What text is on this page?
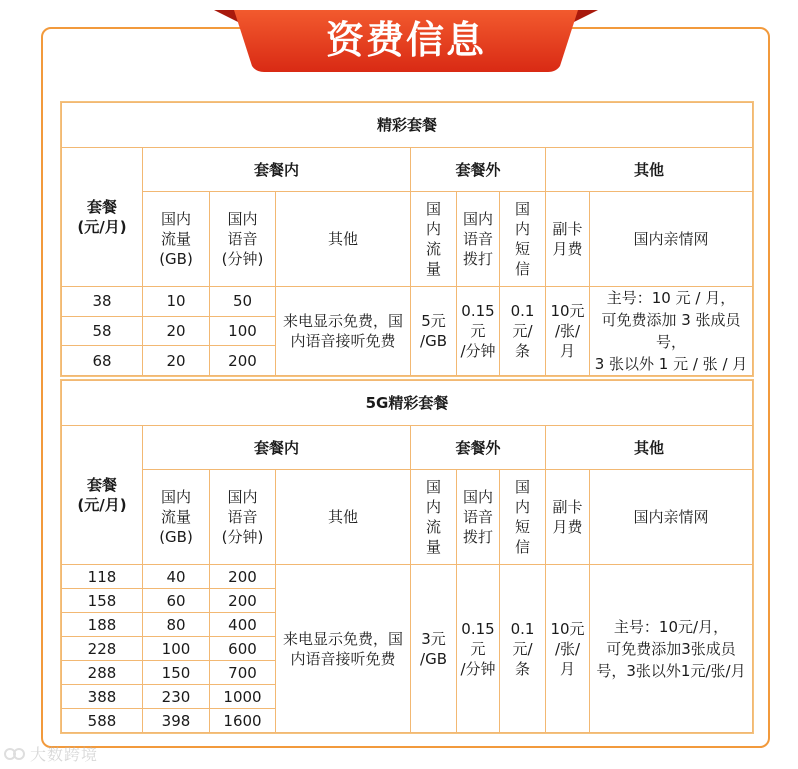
资费信息
精彩套餐								
套餐
(元/月)	套餐内			套餐外			其他	
	国内
流量
(GB)	国内
语音
(分钟)	其他	国
内
流
量	国内
语音
拨打	国
内
短
信	副卡
月费	国内亲情网
38	10	50	来电显示免费，国
内语音接听免费	5元
/GB	0.15
元
/分钟	0.1
元/
条	10元
/张/
月	主号：10 元 / 月，
可免费添加 3 张成员号，
3 张以外 1 元 / 张 / 月
58	20	100						
68	20	200						
5G精彩套餐								
套餐
(元/月)	套餐内			套餐外			其他	
	国内
流量
(GB)	国内
语音
(分钟)	其他	国
内
流
量	国内
语音
拨打	国
内
短
信	副卡
月费	国内亲情网
118	40	200	来电显示免费，国
内语音接听免费	3元
/GB	0.15
元
/分钟	0.1
元/
条	10元
/张/
月	主号：10元/月，
可免费添加3张成员
号，3张以外1元/张/月
158	60	200						
188	80	400						
228	100	600						
288	150	700						
388	230	1000						
588	398	1600						
大数跨境
